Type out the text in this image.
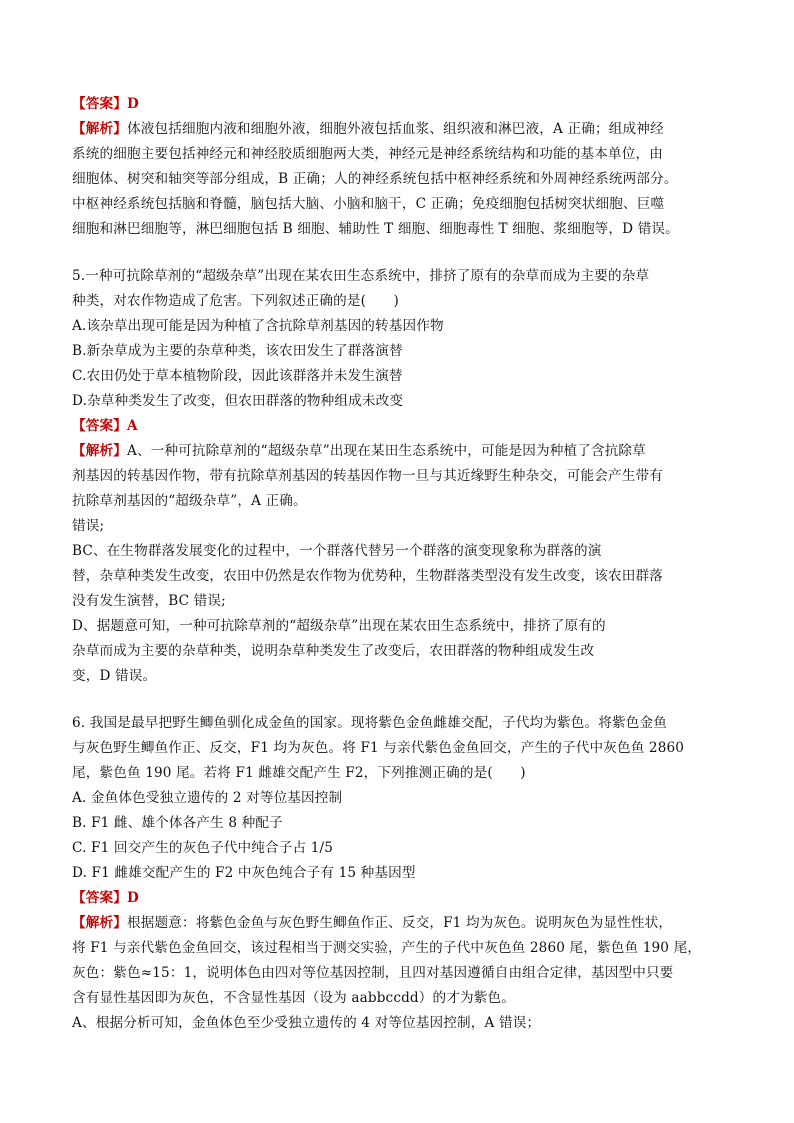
【答案】D
【解析】体液包括细胞内液和细胞外液，细胞外液包括血浆、组织液和淋巴液，A 正确；组成神经
系统的细胞主要包括神经元和神经胶质细胞两大类，神经元是神经系统结构和功能的基本单位，由
细胞体、树突和轴突等部分组成，B 正确；人的神经系统包括中枢神经系统和外周神经系统两部分。
中枢神经系统包括脑和脊髓，脑包括大脑、小脑和脑干，C 正确；免疫细胞包括树突状细胞、巨噬
细胞和淋巴细胞等，淋巴细胞包括 B 细胞、辅助性 T 细胞、细胞毒性 T 细胞、浆细胞等，D 错误。
5.一种可抗除草剂的“超级杂草”出现在某农田生态系统中，排挤了原有的杂草而成为主要的杂草
种类，对农作物造成了危害。下列叙述正确的是(　　)
A.该杂草出现可能是因为种植了含抗除草剂基因的转基因作物
B.新杂草成为主要的杂草种类，该农田发生了群落演替
C.农田仍处于草本植物阶段，因此该群落并未发生演替
D.杂草种类发生了改变，但农田群落的物种组成未改变
【答案】A
【解析】A、一种可抗除草剂的“超级杂草”出现在某田生态系统中，可能是因为种植了含抗除草
剂基因的转基因作物，带有抗除草剂基因的转基因作物一旦与其近缘野生种杂交，可能会产生带有
抗除草剂基因的“超级杂草”，A 正确。
错误;
BC、在生物群落发展变化的过程中，一个群落代替另一个群落的演变现象称为群落的演
替，杂草种类发生改变，农田中仍然是农作物为优势种，生物群落类型没有发生改变，该农田群落
没有发生演替，BC 错误;
D、据题意可知，一种可抗除草剂的“超级杂草”出现在某农田生态系统中，排挤了原有的
杂草而成为主要的杂草种类，说明杂草种类发生了改变后，农田群落的物种组成发生改
变，D 错误。
6. 我国是最早把野生鲫鱼驯化成金鱼的国家。现将紫色金鱼雌雄交配，子代均为紫色。将紫色金鱼
与灰色野生鲫鱼作正、反交，F1 均为灰色。将 F1 与亲代紫色金鱼回交，产生的子代中灰色鱼 2860
尾，紫色鱼 190 尾。若将 F1 雌雄交配产生 F2，下列推测正确的是(　　)
A. 金鱼体色受独立遗传的 2 对等位基因控制
B. F1 雌、雄个体各产生 8 种配子
C. F1 回交产生的灰色子代中纯合子占 1/5
D. F1 雌雄交配产生的 F2 中灰色纯合子有 15 种基因型
【答案】D
【解析】根据题意：将紫色金鱼与灰色野生鲫鱼作正、反交，F1 均为灰色。说明灰色为显性性状，
将 F1 与亲代紫色金鱼回交，该过程相当于测交实验，产生的子代中灰色鱼 2860 尾，紫色鱼 190 尾，
灰色：紫色≈15：1，说明体色由四对等位基因控制，且四对基因遵循自由组合定律，基因型中只要
含有显性基因即为灰色，不含显性基因（设为 aabbccdd）的才为紫色。
A、根据分析可知，金鱼体色至少受独立遗传的 4 对等位基因控制，A 错误；
